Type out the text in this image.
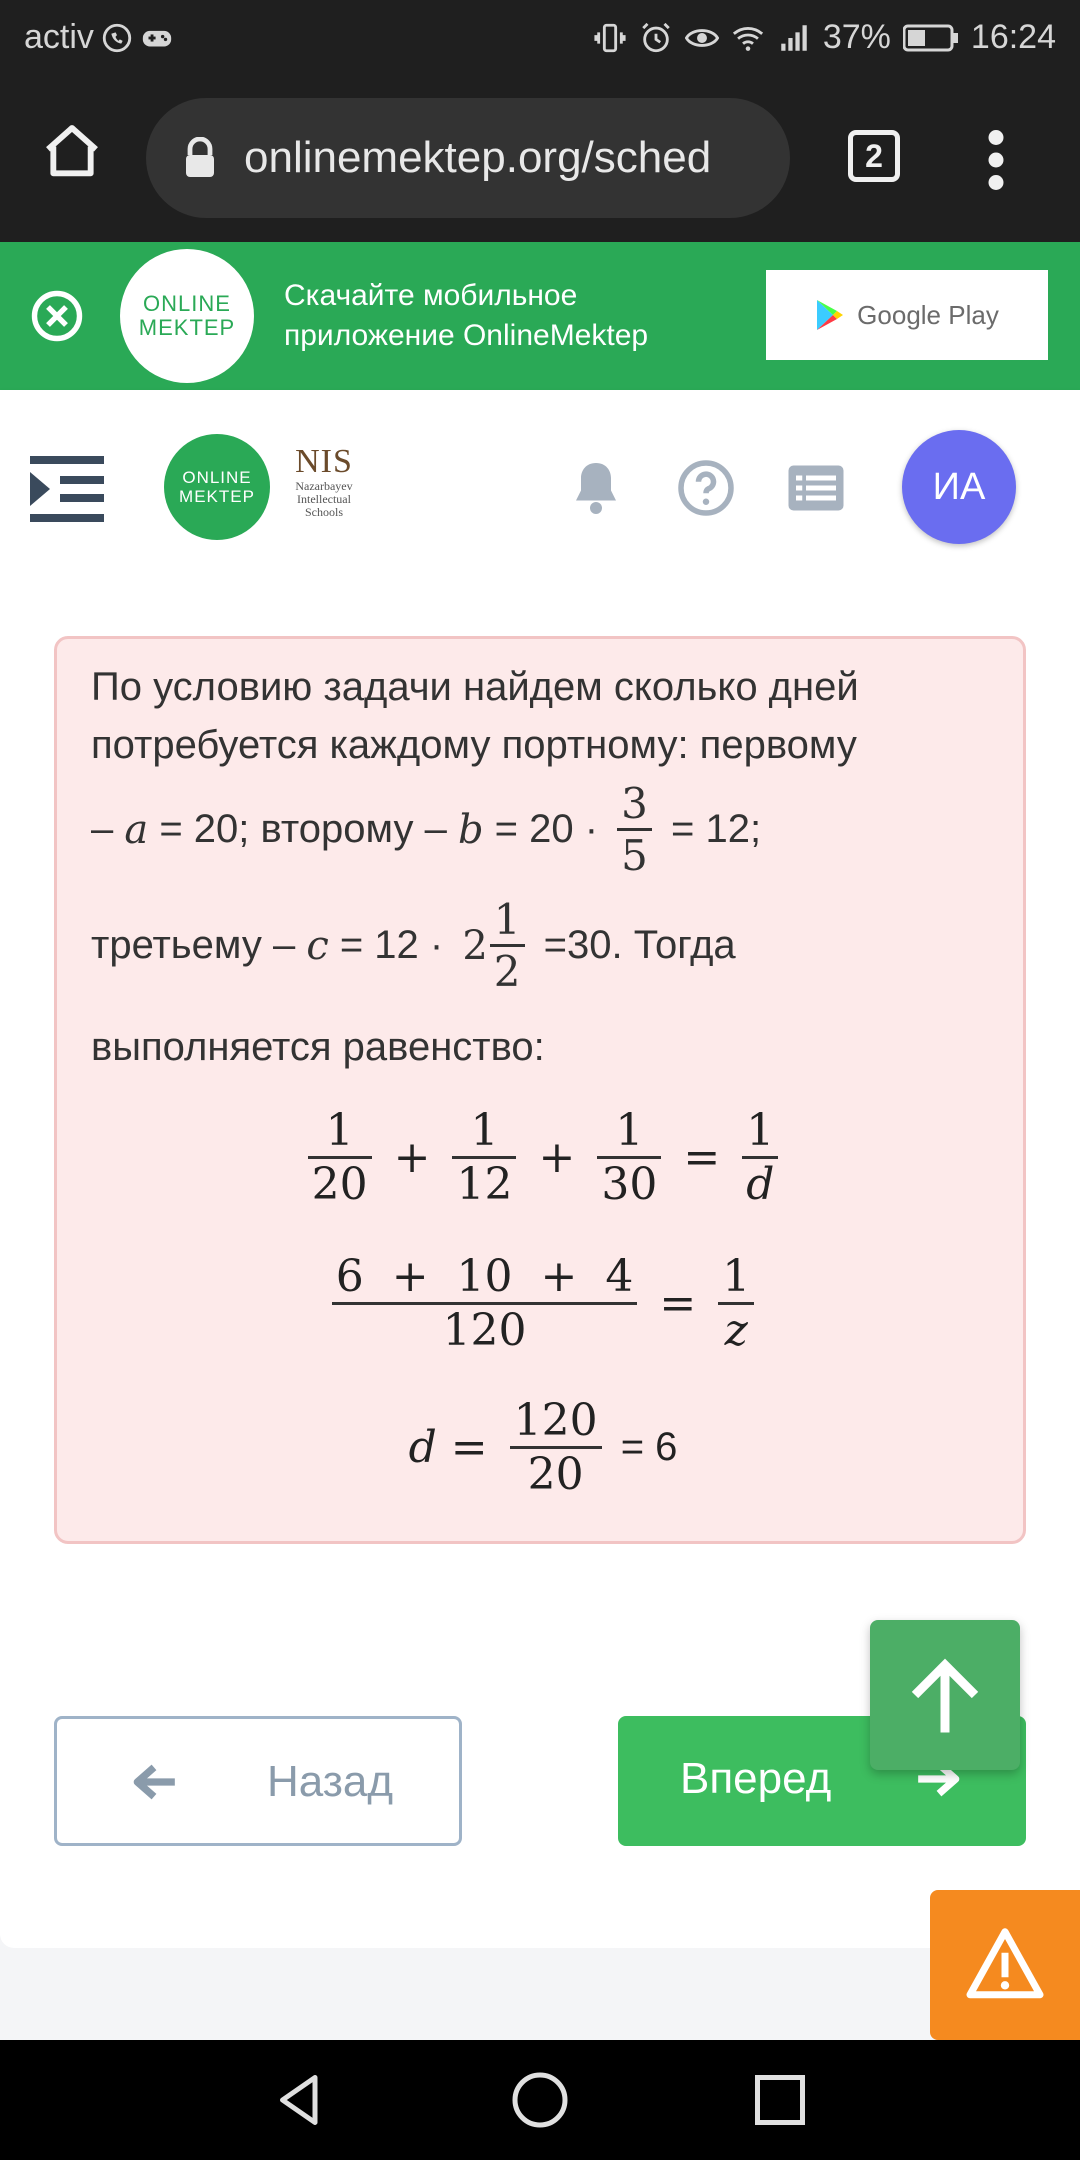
activ	37% 16:24
onlinemektep.org/sched	2
ONLINE
MEKTEP
Скачайте мобильное
приложение OnlineMektep
Google Play
ONLINE
MEKTEP
NIS
Nazarbayev
Intellectual
Schools
ИА
По условию задачи найдем сколько дней
потребуется каждому портному: первому
– a = 20; второму – $b = 20 \cdot \frac{3}{5} = 12$;
третьему – $c = 12 \cdot 2 \frac{1}{2} =30$. Тогда
выполняется равенство:
$\frac{1}{20} + \frac{1}{12} + \frac{1}{30} = \frac{1}{d}$
$\frac{6 + 10 + 4}{120} = \frac{1}{z}$
$d = \frac{120}{20} = 6$
Назад	Вперед
